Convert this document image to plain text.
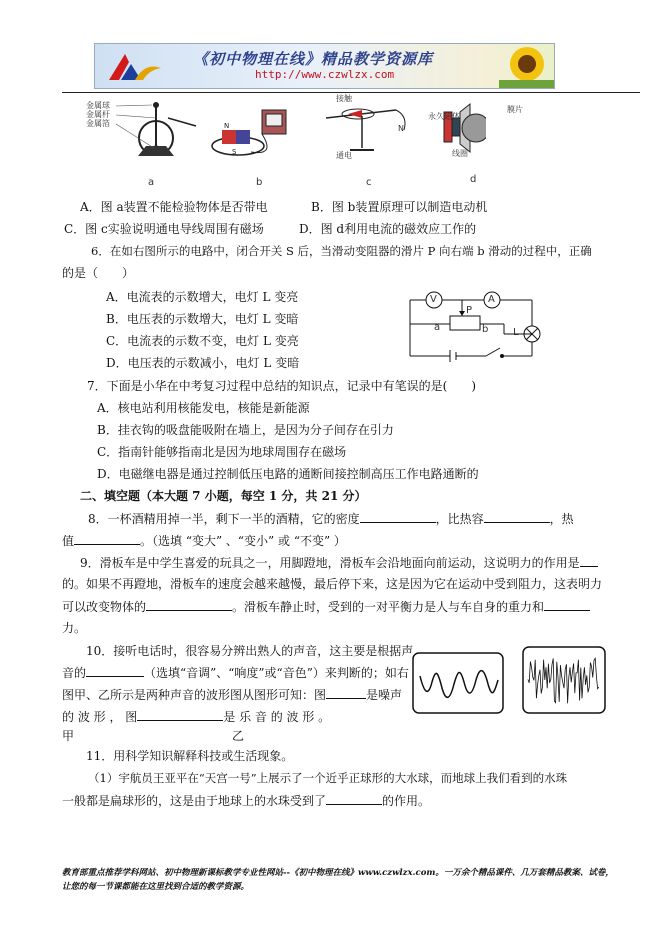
《初中物理在线》精品教学资源库
http://www.czwlzx.com
N
S
金属球
金属杆
金属箔
接触
N
通电
永久磁体
膜片
线圈
a	b	c	d
A．图 a装置不能检验物体是否带电	B．图 b装置原理可以制造电动机
C．图 c实验说明通电导线周围有磁场	D．图 d利用电流的磁效应工作的
6．在如右图所示的电路中，闭合开关 S 后，当滑动变阻器的滑片 P 向右端 b 滑动的过程中，正确
的是（　　）
A．电流表的示数增大，电灯 L 变亮
B．电压表的示数增大，电灯 L 变暗
C．电流表的示数不变，电灯 L 变亮
D．电压表的示数减小，电灯 L 变暗
V	A
P
a	b L
7．下面是小华在中考复习过程中总结的知识点，记录中有笔误的是(　　)
A．核电站利用核能发电，核能是新能源
B．挂衣钩的吸盘能吸附在墙上，是因为分子间存在引力
C．指南针能够指南北是因为地球周围存在磁场
D．电磁继电器是通过控制低压电路的通断间接控制高压工作电路通断的
二、填空题（本大题 7 小题，每空 1 分，共 21 分）
8．一杯酒精用掉一半，剩下一半的酒精，它的密度	，比热容	，热
值	。（选填 “变大” 、“变小” 或 “不变” ）
9．滑板车是中学生喜爱的玩具之一，用脚蹬地，滑板车会沿地面向前运动，这说明力的作用是
的。如果不再蹬地，滑板车的速度会越来越慢，最后停下来，这是因为它在运动中受到阻力，这表明力
可以改变物体的	。滑板车静止时，受到的一对平衡力是人与车自身的重力和
力。
10．接听电话时，很容易分辨出熟人的声音，这主要是根据声
音的	（选填“音调”、“响度”或“音色”）来判断的；如右
图甲、乙所示是两种声音的波形图从图形可知：图	是噪声
的 波 形 ， 图	是 乐 音 的 波 形 。
甲	乙
11．用科学知识解释科技或生活现象。
（1）宇航员王亚平在“天宫一号”上展示了一个近乎正球形的大水球，而地球上我们看到的水珠
一般都是扁球形的，这是由于地球上的水珠受到了	的作用。
教育部重点推荐学科网站、初中物理新课标教学专业性网站--《初中物理在线》www.czwlzx.com。一万余个精品课件、几万套精品教案、试卷，让您的每一节课都能在这里找到合适的教学资源。
